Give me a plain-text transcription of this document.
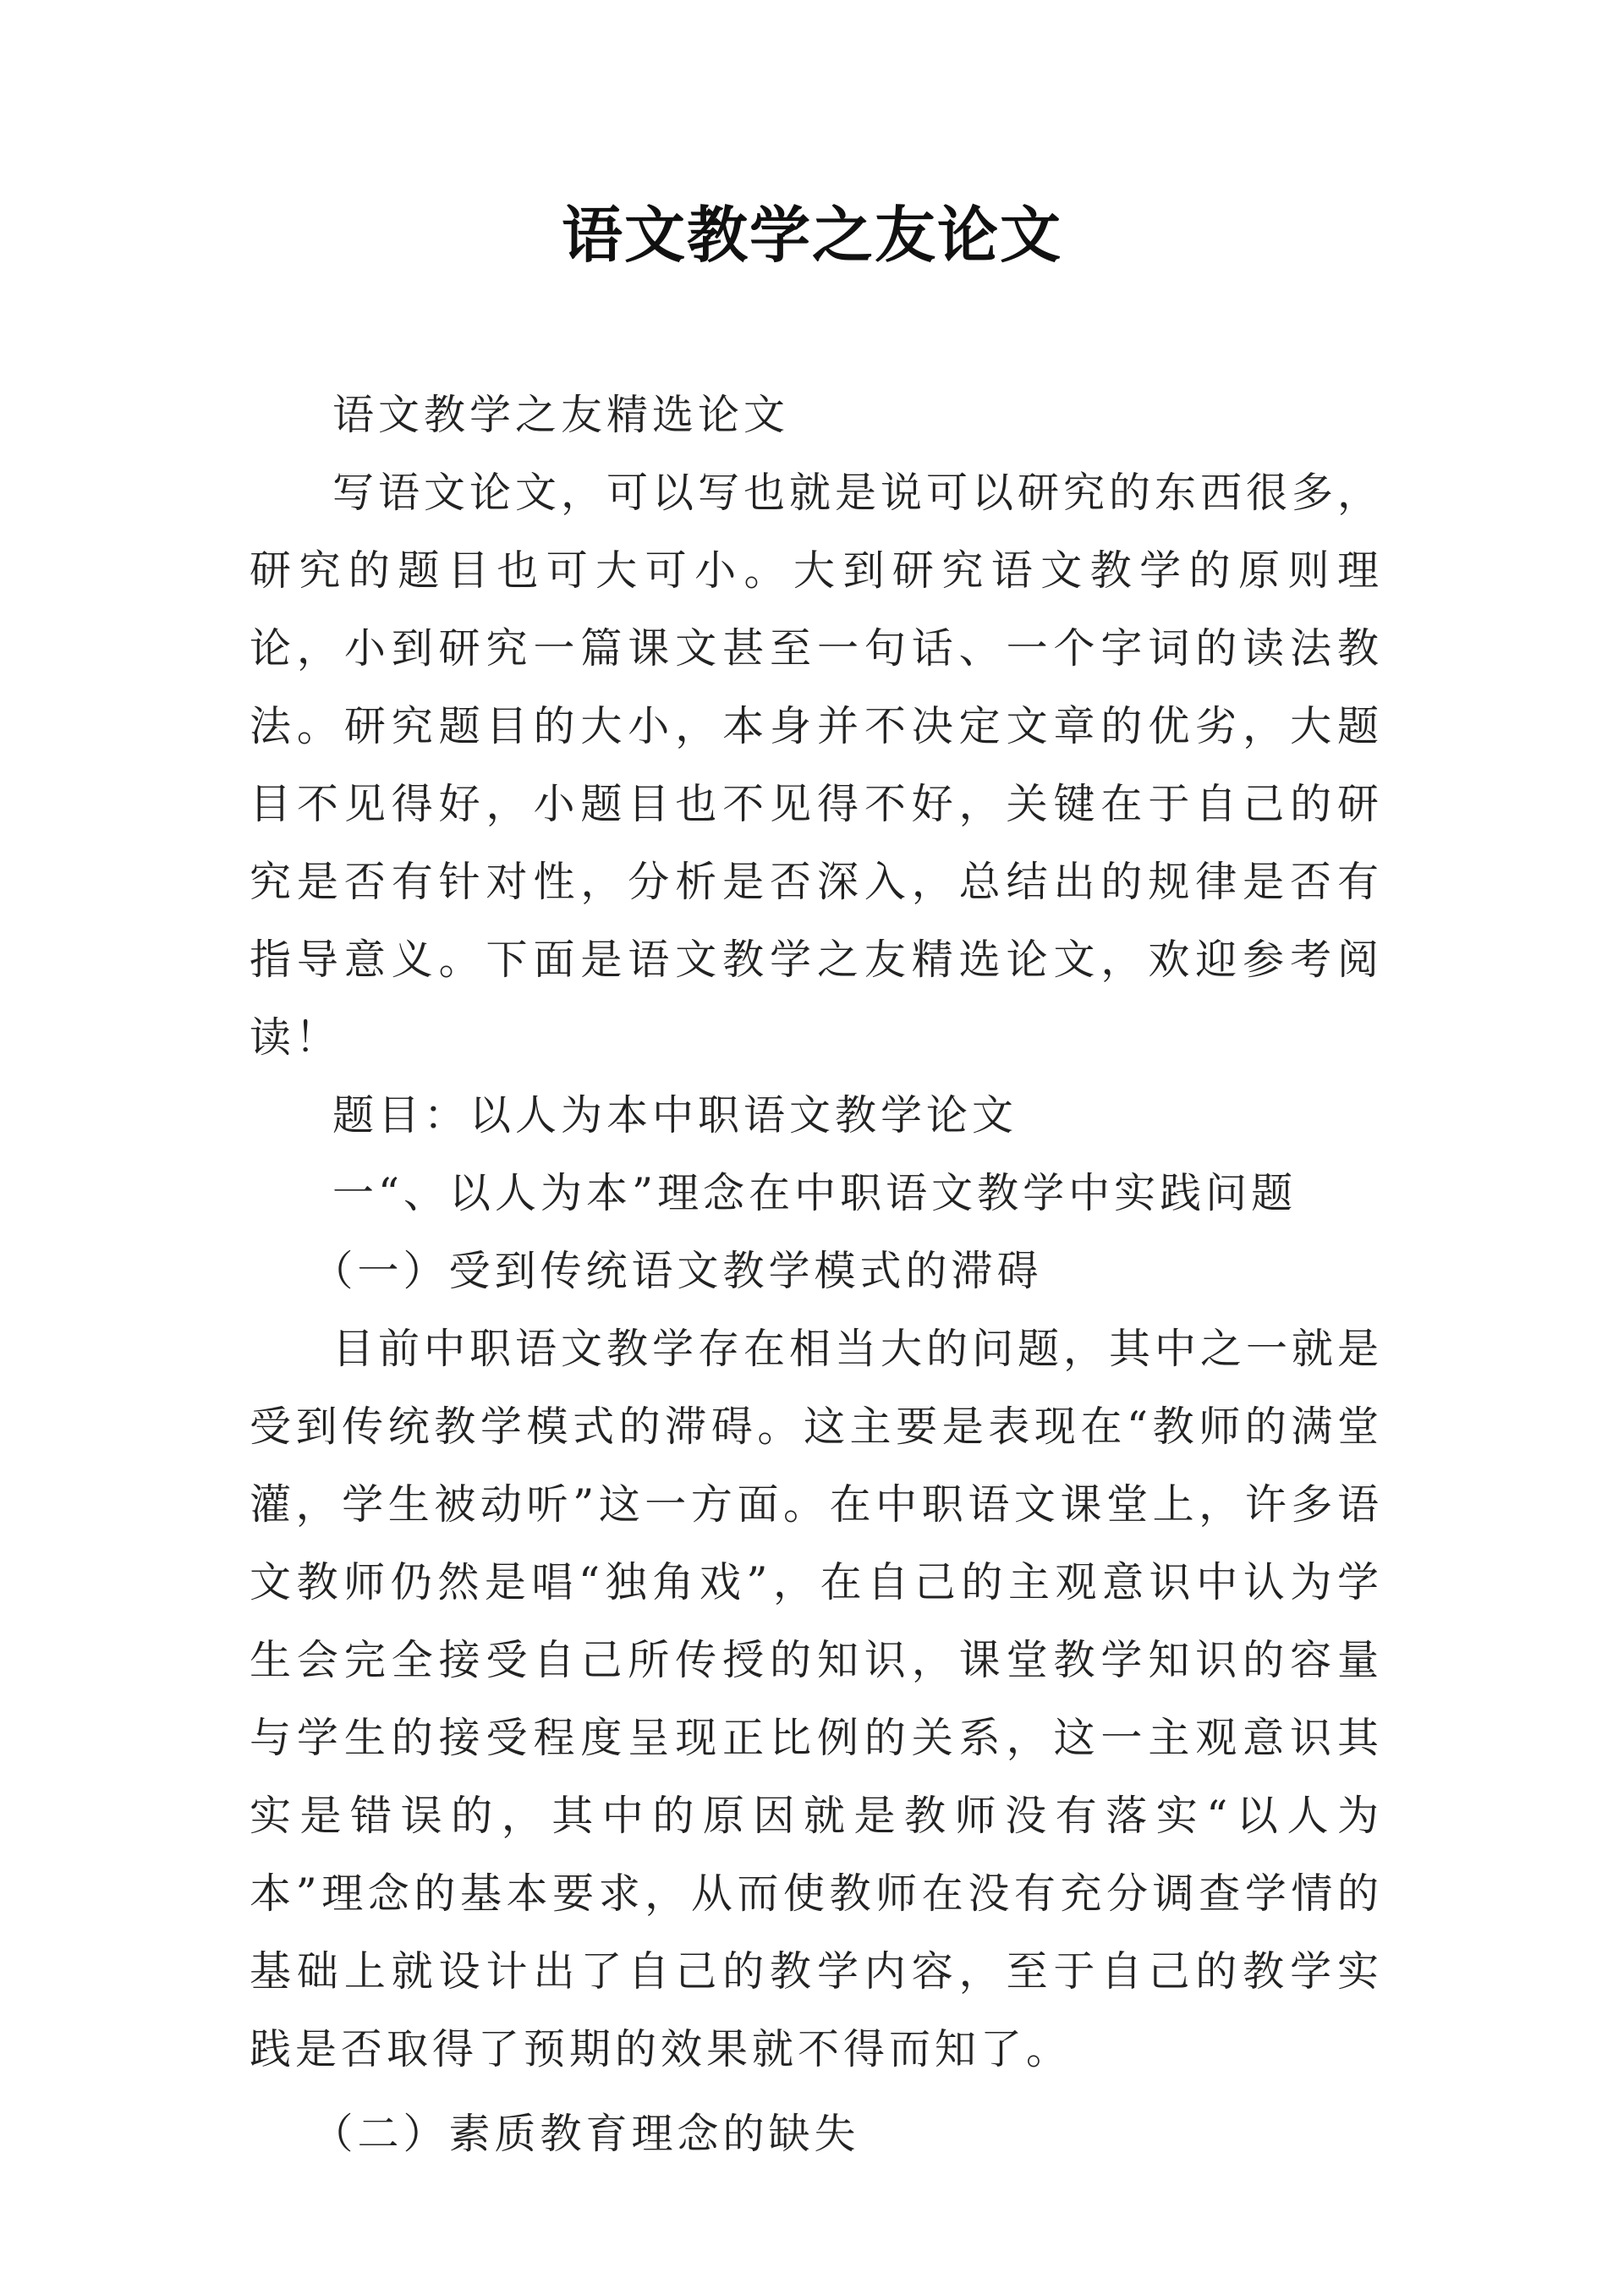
语文教学之友论文

语文教学之友精选论文

写语文论文，可以写也就是说可以研究的东西很多，研究的题目也可大可小。大到研究语文教学的原则理论，小到研究一篇课文甚至一句话、一个字词的读法教法。研究题目的大小，本身并不决定文章的优劣，大题目不见得好，小题目也不见得不好，关键在于自己的研究是否有针对性，分析是否深入，总结出的规律是否有指导意义。下面是语文教学之友精选论文，欢迎参考阅读！

题目：以人为本中职语文教学论文

一“、以人为本”理念在中职语文教学中实践问题

（一）受到传统语文教学模式的滞碍

目前中职语文教学存在相当大的问题，其中之一就是受到传统教学模式的滞碍。这主要是表现在“教师的满堂灌，学生被动听”这一方面。在中职语文课堂上，许多语文教师仍然是唱“独角戏”，在自己的主观意识中认为学生会完全接受自己所传授的知识，课堂教学知识的容量与学生的接受程度呈现正比例的关系，这一主观意识其实是错误的，其中的原因就是教师没有落实“以人为本”理念的基本要求，从而使教师在没有充分调查学情的基础上就设计出了自己的教学内容，至于自己的教学实践是否取得了预期的效果就不得而知了。

（二）素质教育理念的缺失
